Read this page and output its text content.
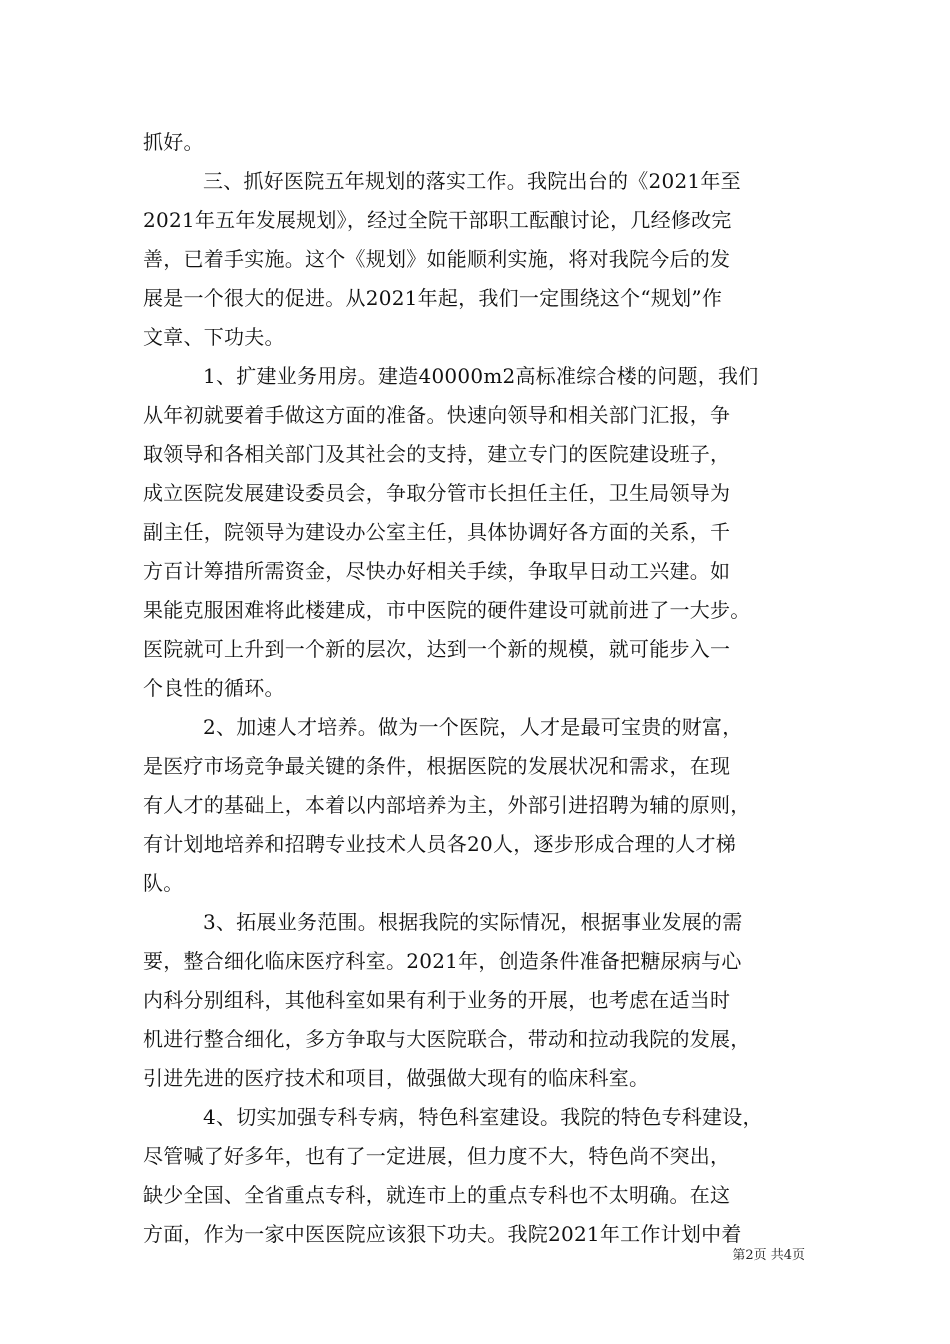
抓好。
三、抓好医院五年规划的落实工作。我院出台的《2021年至
2021年五年发展规划》，经过全院干部职工酝酿讨论，几经修改完
善，已着手实施。这个《规划》如能顺利实施，将对我院今后的发
展是一个很大的促进。从2021年起，我们一定围绕这个“规划”作
文章、下功夫。
1、扩建业务用房。建造40000m2高标准综合楼的问题，我们
从年初就要着手做这方面的准备。快速向领导和相关部门汇报，争
取领导和各相关部门及其社会的支持，建立专门的医院建设班子，
成立医院发展建设委员会，争取分管市长担任主任，卫生局领导为
副主任，院领导为建设办公室主任，具体协调好各方面的关系，千
方百计筹措所需资金，尽快办好相关手续，争取早日动工兴建。如
果能克服困难将此楼建成，市中医院的硬件建设可就前进了一大步。
医院就可上升到一个新的层次，达到一个新的规模，就可能步入一
个良性的循环。
2、加速人才培养。做为一个医院，人才是最可宝贵的财富，
是医疗市场竞争最关键的条件，根据医院的发展状况和需求，在现
有人才的基础上，本着以内部培养为主，外部引进招聘为辅的原则，
有计划地培养和招聘专业技术人员各20人，逐步形成合理的人才梯
队。
3、拓展业务范围。根据我院的实际情况，根据事业发展的需
要，整合细化临床医疗科室。2021年，创造条件准备把糖尿病与心
内科分别组科，其他科室如果有利于业务的开展，也考虑在适当时
机进行整合细化，多方争取与大医院联合，带动和拉动我院的发展，
引进先进的医疗技术和项目，做强做大现有的临床科室。
4、切实加强专科专病，特色科室建设。我院的特色专科建设，
尽管喊了好多年，也有了一定进展，但力度不大，特色尚不突出，
缺少全国、全省重点专科，就连市上的重点专科也不太明确。在这
方面，作为一家中医医院应该狠下功夫。我院2021年工作计划中着
第2页 共4页
